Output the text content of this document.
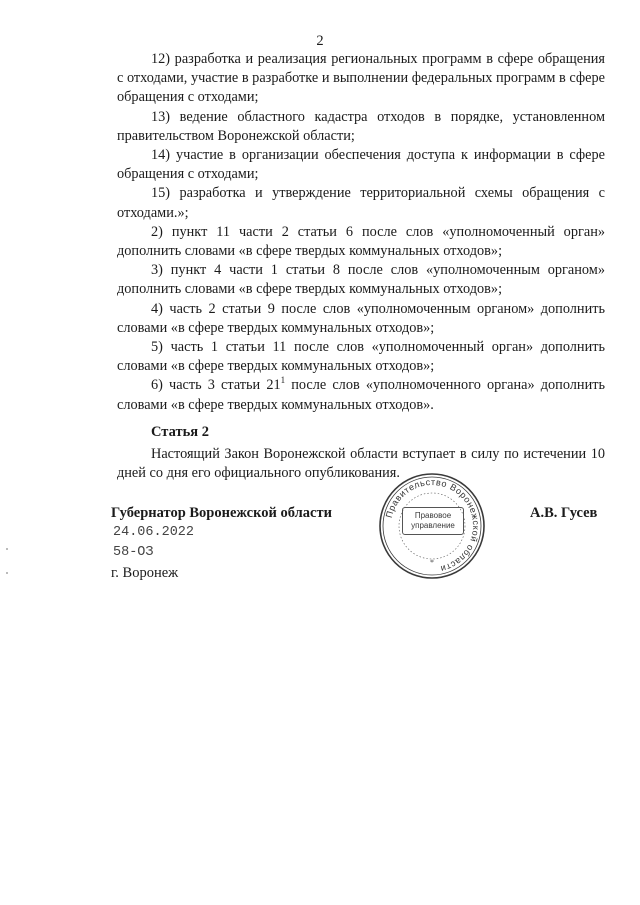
2

12) разработка и реализация региональных программ в сфере обращения с отходами, участие в разработке и выполнении федеральных программ в сфере обращения с отходами;

13) ведение областного кадастра отходов в порядке, установленном правительством Воронежской области;

14) участие в организации обеспечения доступа к информации в сфере обращения с отходами;

15) разработка и утверждение территориальной схемы обращения с отходами.»;

2) пункт 11 части 2 статьи 6 после слов «уполномоченный орган» дополнить словами «в сфере твердых коммунальных отходов»;

3) пункт 4 части 1 статьи 8 после слов «уполномоченным органом» дополнить словами «в сфере твердых коммунальных отходов»;

4) часть 2 статьи 9 после слов «уполномоченным органом» дополнить словами «в сфере твердых коммунальных отходов»;

5) часть 1 статьи 11 после слов «уполномоченный орган» дополнить словами «в сфере твердых коммунальных отходов»;

6) часть 3 статьи $21^1$ после слов «уполномоченного органа» дополнить словами «в сфере твердых коммунальных отходов».

Статья 2

Настоящий Закон Воронежской области вступает в силу по истечении 10 дней со дня его официального опубликования.

Губернатор Воронежской области	А.В. Гусев
24.06.2022
58-ОЗ
г. Воронеж
Правительство Воронежской области
Правовое
управление
*
